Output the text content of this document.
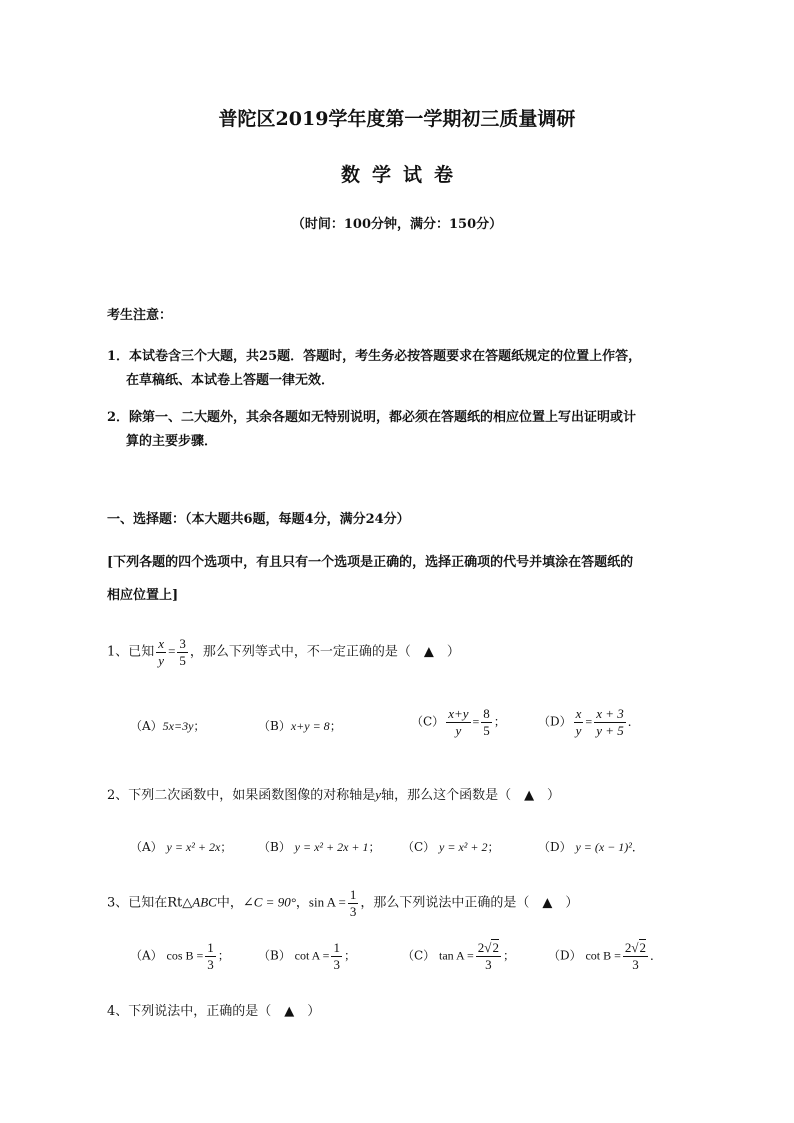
普陀区2019学年度第一学期初三质量调研
数学试卷
（时间：100分钟，满分：150分）
考生注意：
1．本试卷含三个大题，共25题．答题时，考生务必按答题要求在答题纸规定的位置上作答，
在草稿纸、本试卷上答题一律无效．
2．除第一、二大题外，其余各题如无特别说明，都必须在答题纸的相应位置上写出证明或计
算的主要步骤．
一、选择题：（本大题共6题，每题4分，满分24分）
[下列各题的四个选项中，有且只有一个选项是正确的，选择正确项的代号并填涂在答题纸的
相应位置上]
1、已知 $\frac{x}{y} = \frac{3}{5}$ ，那么下列等式中，不一定正确的是（　▲　）
（A）5x=3y；	（B）x+y = 8；	$(C) \frac{x+y}{y} = \frac{8}{5}$ ；	$(D) \frac{x}{y} = \frac{x + 3}{y + 5}$ ．
2、下列二次函数中，如果函数图像的对称轴是y轴，那么这个函数是（　▲　）
（A） y = x² + 2x； （B） y = x² + 2x + 1； （C） y = x² + 2；	（D） y = (x − 1)²．
3、已知在Rt△ABC中，∠C = 90°，$\sin A = \frac{1}{3}$ ，那么下列说法中正确的是（　▲　）
（A） $\cos B = \frac{1}{3}$ ； （B） $\cot A = \frac{1}{3}$ ；	（C） $\tan A = \frac{2√2}{3}$ ；	（D） $\cot B = \frac{2√2}{3}$ ．
4、下列说法中，正确的是（　▲　）
